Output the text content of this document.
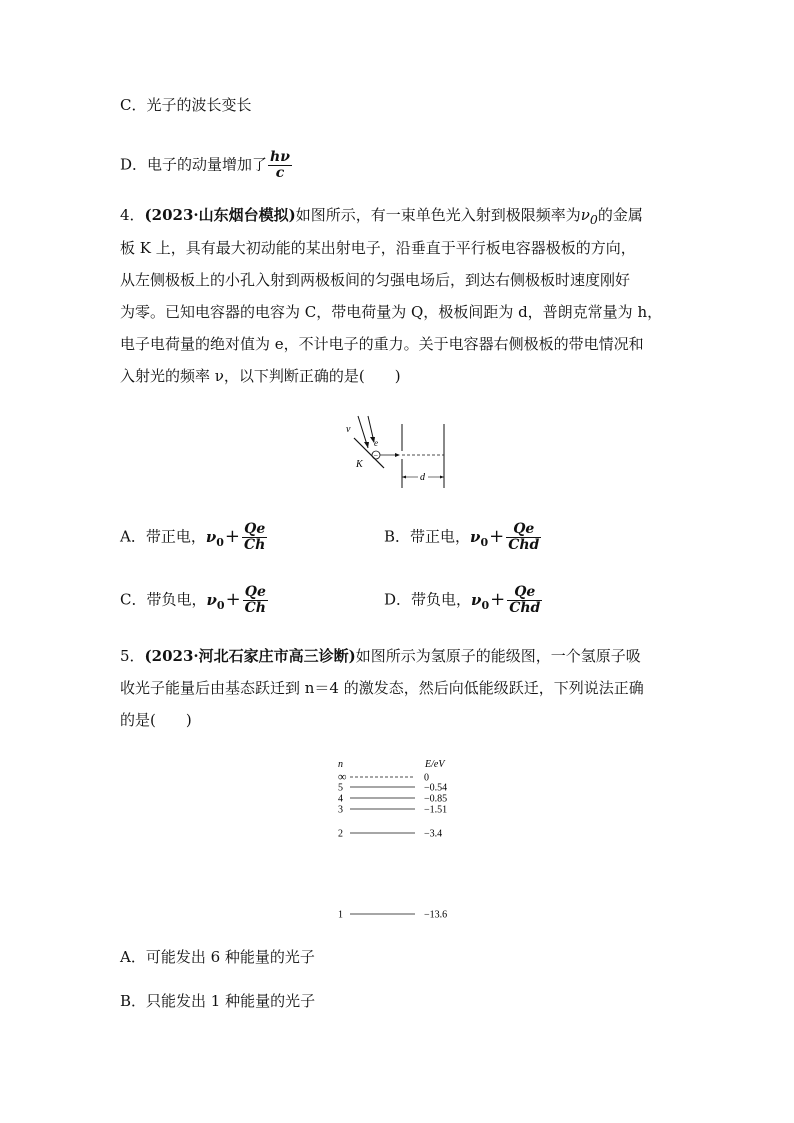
C．光子的波长变长
D．电子的动量增加了 $\frac{h\nu}{c}$
4．(2023·山东烟台模拟)如图所示，有一束单色光入射到极限频率为$\nu_0$的金属
板 K 上，具有最大初动能的某出射电子，沿垂直于平行板电容器极板的方向，
从左侧极板上的小孔入射到两极板间的匀强电场后，到达右侧极板时速度刚好
为零。已知电容器的电容为 C，带电荷量为 Q，极板间距为 d，普朗克常量为 h，
电子电荷量的绝对值为 e，不计电子的重力。关于电容器右侧极板的带电情况和
入射光的频率 ν，以下判断正确的是(　　)
ν
K
−
e
d
A．带正电，$\nu_0+ \frac{Qe}{Ch}$	B．带正电，$\nu_0+ \frac{Qe}{\text{Chd}}$
C．带负电，$\nu_0+ \frac{Qe}{Ch}$	D．带负电，$\nu_0+ \frac{Qe}{\text{Chd}}$
5．(2023·河北石家庄市高三诊断)如图所示为氢原子的能级图，一个氢原子吸
收光子能量后由基态跃迁到 n＝4 的激发态，然后向低能级跃迁，下列说法正确
的是(　　)
n	E/eV
∞	0
5	−0.54
4	−0.85
3	−1.51
2	−3.4
1	−13.6
A．可能发出 6 种能量的光子
B．只能发出 1 种能量的光子
